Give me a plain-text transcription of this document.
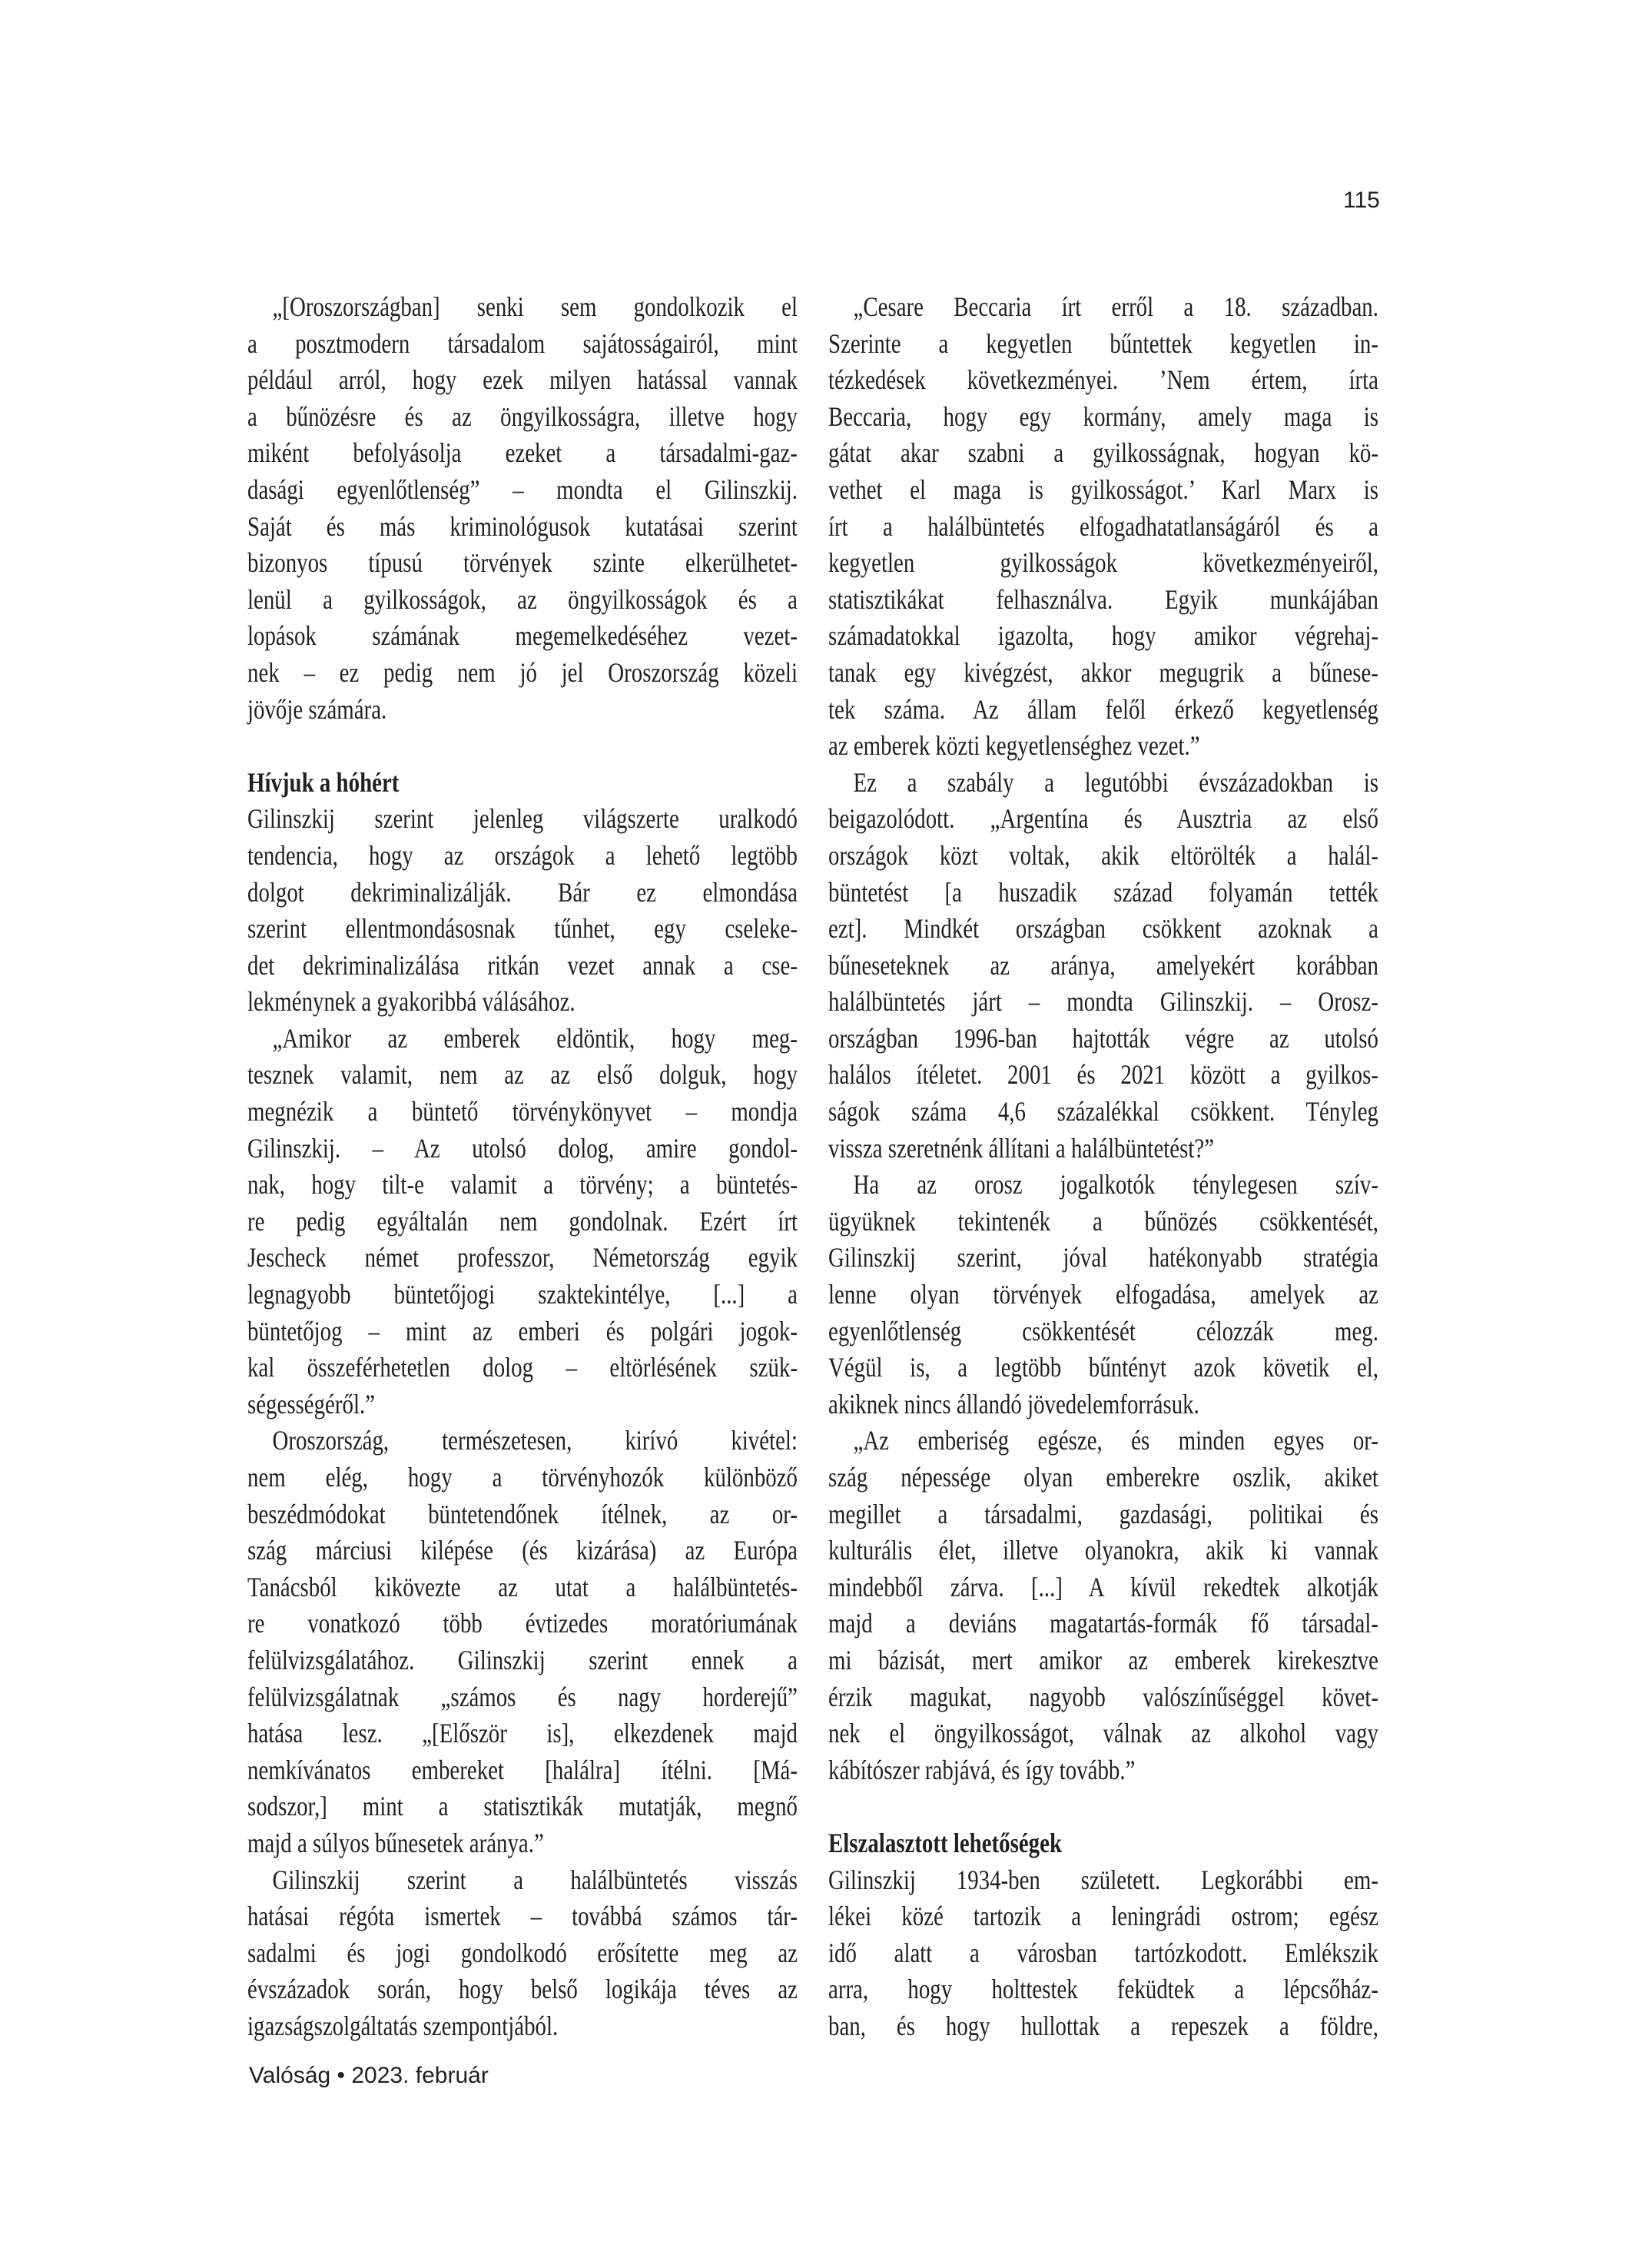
115
„[Oroszországban] senki sem gondolkozik el
a posztmodern társadalom sajátosságairól, mint
például arról, hogy ezek milyen hatással vannak
a bűnözésre és az öngyilkosságra, illetve hogy
miként befolyásolja ezeket a társadalmi-gaz-
dasági egyenlőtlenség” – mondta el Gilinszkij.
Saját és más kriminológusok kutatásai szerint
bizonyos típusú törvények szinte elkerülhetet-
lenül a gyilkosságok, az öngyilkosságok és a
lopások számának megemelkedéséhez vezet-
nek – ez pedig nem jó jel Oroszország közeli
jövője számára.
Hívjuk a hóhért
Gilinszkij szerint jelenleg világszerte uralkodó
tendencia, hogy az országok a lehető legtöbb
dolgot dekriminalizálják. Bár ez elmondása
szerint ellentmondásosnak tűnhet, egy cseleke-
det dekriminalizálása ritkán vezet annak a cse-
lekménynek a gyakoribbá válásához.
„Amikor az emberek eldöntik, hogy meg-
tesznek valamit, nem az az első dolguk, hogy
megnézik a büntető törvénykönyvet – mondja
Gilinszkij. – Az utolsó dolog, amire gondol-
nak, hogy tilt-e valamit a törvény; a büntetés-
re pedig egyáltalán nem gondolnak. Ezért írt
Jescheck német professzor, Németország egyik
legnagyobb büntetőjogi szaktekintélye, [...] a
büntetőjog – mint az emberi és polgári jogok-
kal összeférhetetlen dolog – eltörlésének szük-
ségességéről.”
Oroszország, természetesen, kirívó kivétel:
nem elég, hogy a törvényhozók különböző
beszédmódokat büntetendőnek ítélnek, az or-
szág márciusi kilépése (és kizárása) az Európa
Tanácsból kikövezte az utat a halálbüntetés-
re vonatkozó több évtizedes moratóriumának
felülvizsgálatához. Gilinszkij szerint ennek a
felülvizsgálatnak „számos és nagy horderejű”
hatása lesz. „[Először is], elkezdenek majd
nemkívánatos embereket [halálra] ítélni. [Má-
sodszor,] mint a statisztikák mutatják, megnő
majd a súlyos bűnesetek aránya.”
Gilinszkij szerint a halálbüntetés visszás
hatásai régóta ismertek – továbbá számos tár-
sadalmi és jogi gondolkodó erősítette meg az
évszázadok során, hogy belső logikája téves az
igazságszolgáltatás szempontjából.
„Cesare Beccaria írt erről a 18. században.
Szerinte a kegyetlen bűntettek kegyetlen in-
tézkedések következményei. ’Nem értem, írta
Beccaria, hogy egy kormány, amely maga is
gátat akar szabni a gyilkosságnak, hogyan kö-
vethet el maga is gyilkosságot.’ Karl Marx is
írt a halálbüntetés elfogadhatatlanságáról és a
kegyetlen gyilkosságok következményeiről,
statisztikákat felhasználva. Egyik munkájában
számadatokkal igazolta, hogy amikor végrehaj-
tanak egy kivégzést, akkor megugrik a bűnese-
tek száma. Az állam felől érkező kegyetlenség
az emberek közti kegyetlenséghez vezet.”
Ez a szabály a legutóbbi évszázadokban is
beigazolódott. „Argentína és Ausztria az első
országok közt voltak, akik eltörölték a halál-
büntetést [a huszadik század folyamán tették
ezt]. Mindkét országban csökkent azoknak a
bűneseteknek az aránya, amelyekért korábban
halálbüntetés járt – mondta Gilinszkij. – Orosz-
országban 1996-ban hajtották végre az utolsó
halálos ítéletet. 2001 és 2021 között a gyilkos-
ságok száma 4,6 százalékkal csökkent. Tényleg
vissza szeretnénk állítani a halálbüntetést?”
Ha az orosz jogalkotók ténylegesen szív-
ügyüknek tekintenék a bűnözés csökkentését,
Gilinszkij szerint, jóval hatékonyabb stratégia
lenne olyan törvények elfogadása, amelyek az
egyenlőtlenség csökkentését célozzák meg.
Végül is, a legtöbb bűntényt azok követik el,
akiknek nincs állandó jövedelemforrásuk.
„Az emberiség egésze, és minden egyes or-
szág népessége olyan emberekre oszlik, akiket
megillet a társadalmi, gazdasági, politikai és
kulturális élet, illetve olyanokra, akik ki vannak
mindebből zárva. [...] A kívül rekedtek alkotják
majd a deviáns magatartás-formák fő társadal-
mi bázisát, mert amikor az emberek kirekesztve
érzik magukat, nagyobb valószínűséggel követ-
nek el öngyilkosságot, válnak az alkohol vagy
kábítószer rabjává, és így tovább.”
Elszalasztott lehetőségek
Gilinszkij 1934-ben született. Legkorábbi em-
lékei közé tartozik a leningrádi ostrom; egész
idő alatt a városban tartózkodott. Emlékszik
arra, hogy holttestek feküdtek a lépcsőház-
ban, és hogy hullottak a repeszek a földre,
Valóság • 2023. február
